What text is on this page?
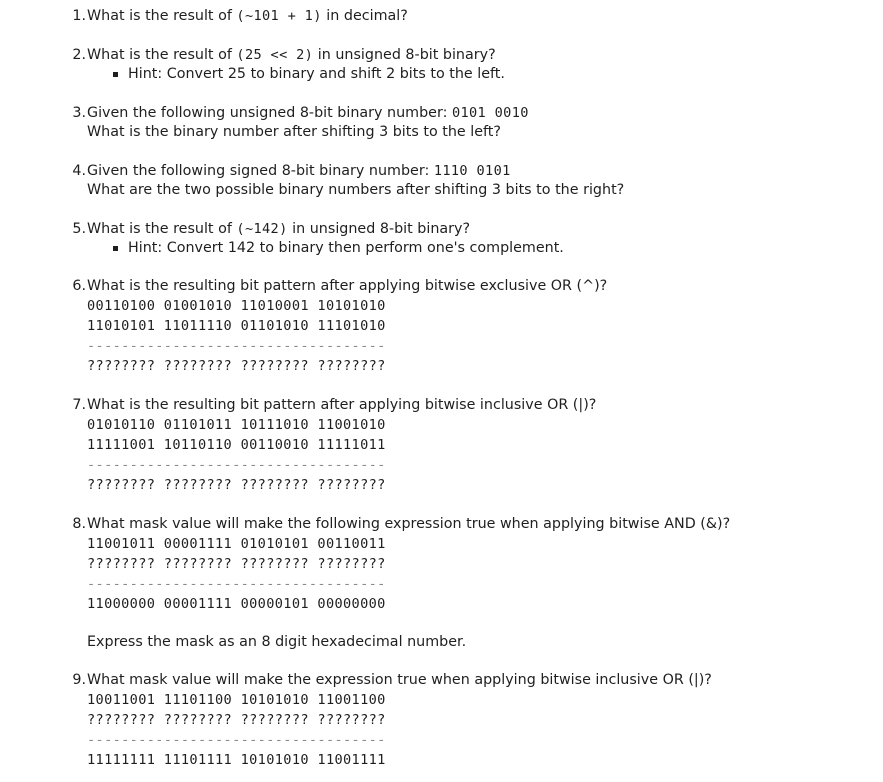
1. What is the result of (~101 + 1) in decimal?
2. What is the result of (25 << 2) in unsigned 8-bit binary?
Hint: Convert 25 to binary and shift 2 bits to the left.
3. Given the following unsigned 8-bit binary number: 0101 0010
What is the binary number after shifting 3 bits to the left?
4. Given the following signed 8-bit binary number: 1110 0101
What are the two possible binary numbers after shifting 3 bits to the right?
5. What is the result of (~142) in unsigned 8-bit binary?
Hint: Convert 142 to binary then perform one's complement.
6. What is the resulting bit pattern after applying bitwise exclusive OR (^)?
00110100 01001010 11010001 10101010
11010101 11011110 01101010 11101010
-----------------------------------
???????? ???????? ???????? ????????
7. What is the resulting bit pattern after applying bitwise inclusive OR (|)?
01010110 01101011 10111010 11001010
11111001 10110110 00110010 11111011
-----------------------------------
???????? ???????? ???????? ????????
8. What mask value will make the following expression true when applying bitwise AND (&)?
11001011 00001111 01010101 00110011
???????? ???????? ???????? ????????
-----------------------------------
11000000 00001111 00000101 00000000
Express the mask as an 8 digit hexadecimal number.
9. What mask value will make the expression true when applying bitwise inclusive OR (|)?
10011001 11101100 10101010 11001100
???????? ???????? ???????? ????????
-----------------------------------
11111111 11101111 10101010 11001111
